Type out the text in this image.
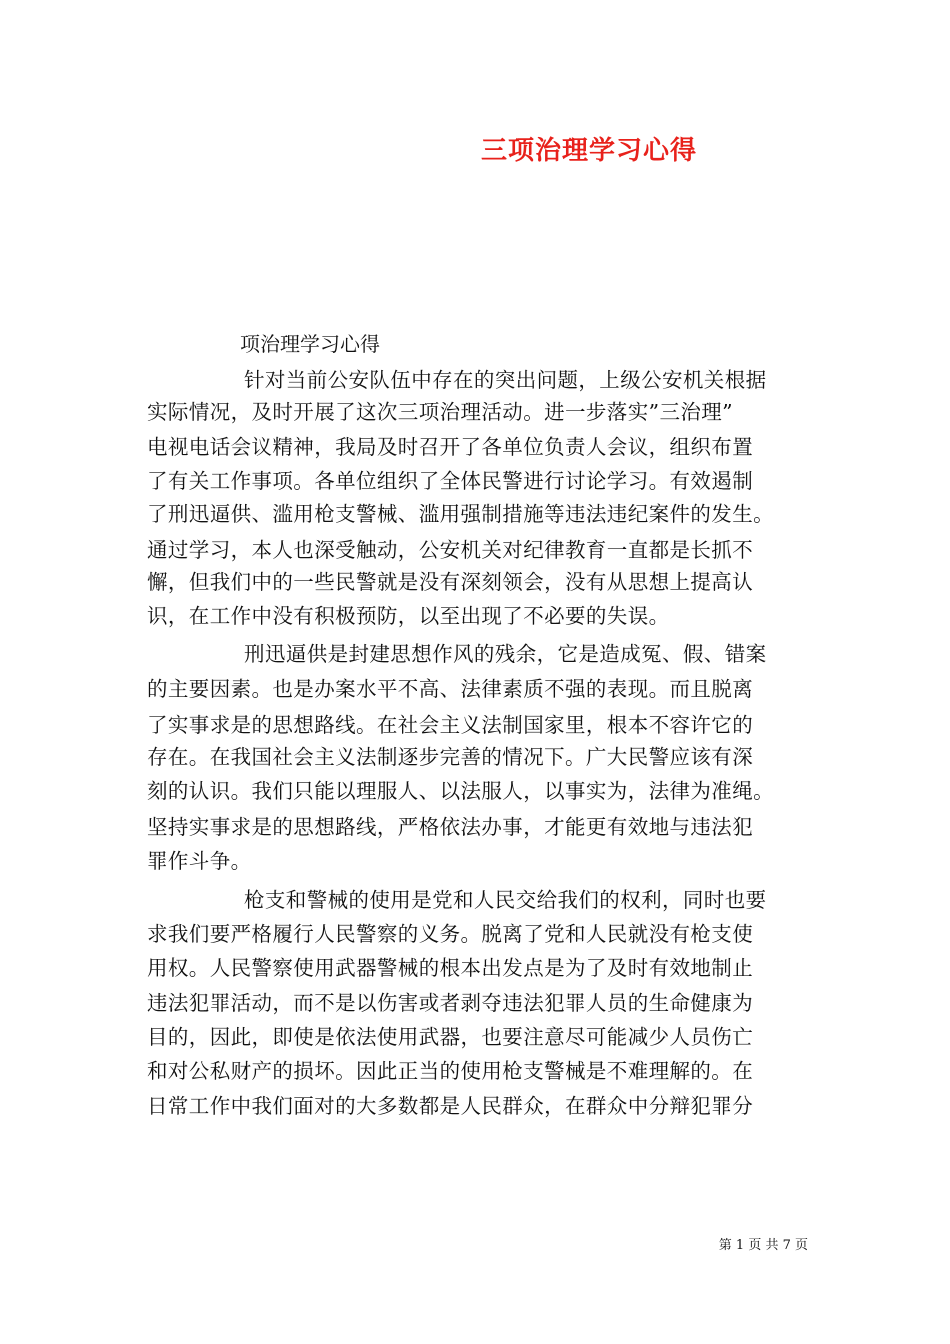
三项治理学习心得
项治理学习心得
针对当前公安队伍中存在的突出问题，上级公安机关根据
实际情况，及时开展了这次三项治理活动。进一步落实”三治理”
电视电话会议精神，我局及时召开了各单位负责人会议，组织布置
了有关工作事项。各单位组织了全体民警进行讨论学习。有效遏制
了刑迅逼供、滥用枪支警械、滥用强制措施等违法违纪案件的发生。
通过学习，本人也深受触动，公安机关对纪律教育一直都是长抓不
懈，但我们中的一些民警就是没有深刻领会，没有从思想上提高认
识，在工作中没有积极预防，以至出现了不必要的失误。
刑迅逼供是封建思想作风的残余，它是造成冤、假、错案
的主要因素。也是办案水平不高、法律素质不强的表现。而且脱离
了实事求是的思想路线。在社会主义法制国家里，根本不容许它的
存在。在我国社会主义法制逐步完善的情况下。广大民警应该有深
刻的认识。我们只能以理服人、以法服人，以事实为，法律为准绳。
坚持实事求是的思想路线，严格依法办事，才能更有效地与违法犯
罪作斗争。
枪支和警械的使用是党和人民交给我们的权利，同时也要
求我们要严格履行人民警察的义务。脱离了党和人民就没有枪支使
用权。人民警察使用武器警械的根本出发点是为了及时有效地制止
违法犯罪活动，而不是以伤害或者剥夺违法犯罪人员的生命健康为
目的，因此，即使是依法使用武器，也要注意尽可能减少人员伤亡
和对公私财产的损坏。因此正当的使用枪支警械是不难理解的。在
日常工作中我们面对的大多数都是人民群众，在群众中分辩犯罪分
第 1 页 共 7 页
